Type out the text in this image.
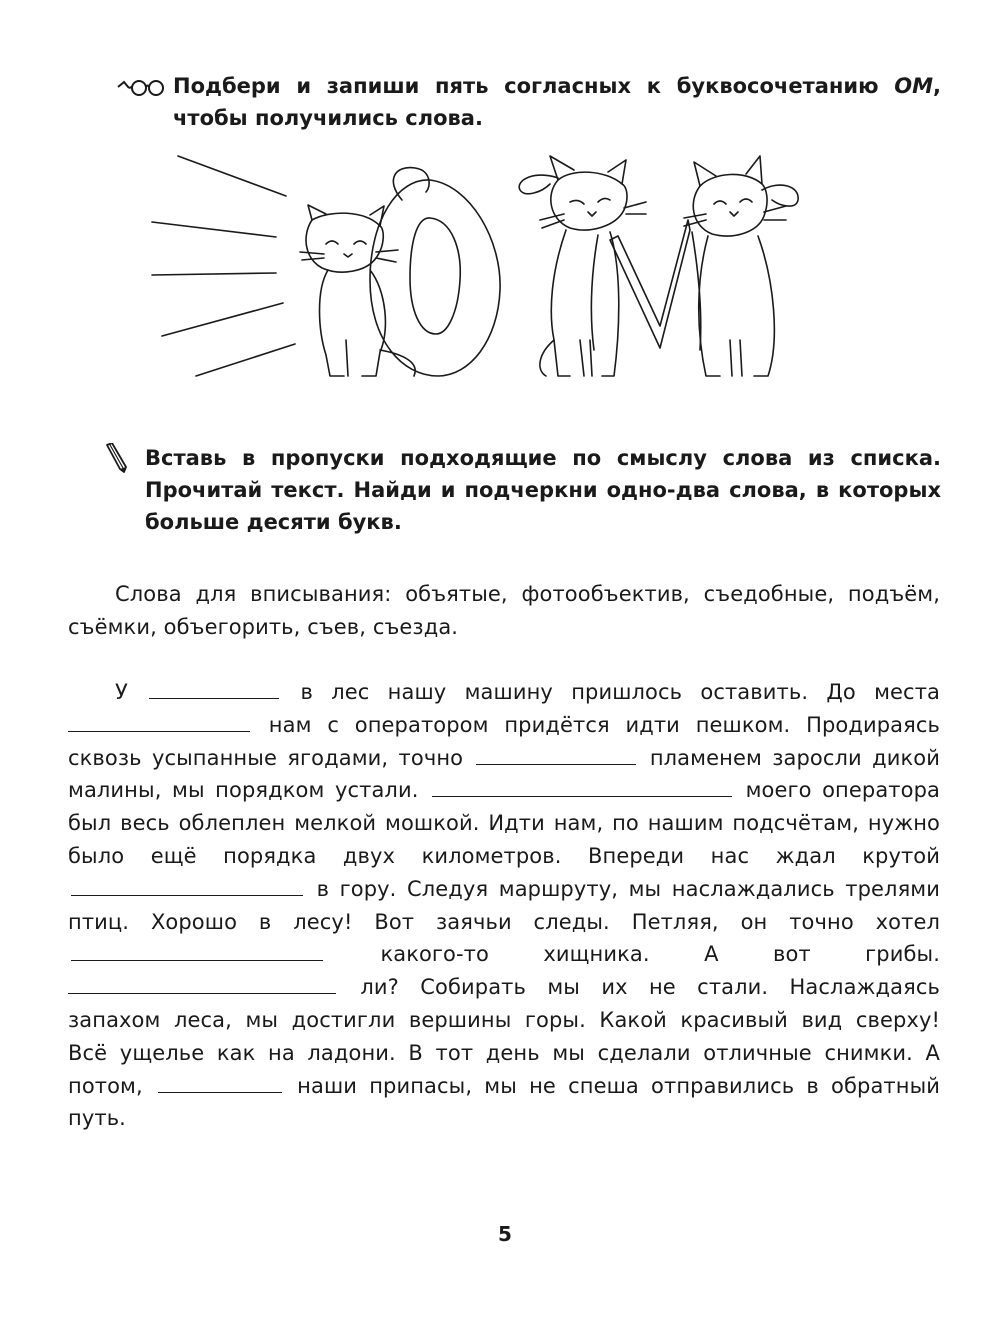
Подбери и запиши пять согласных к буквосочетанию ОМ, чтобы получились слова.
Вставь в пропуски подходящие по смыслу слова из списка. Прочитай текст. Найди и подчеркни одно-два слова, в которых больше десяти букв.
Слова для вписывания: объятые, фотообъектив, съедобные, подъём, съёмки, объегорить, съев, съезда.
У	в лес нашу машину пришлось оставить. До места  нам с оператором придётся идти пешком. Продираясь сквозь усыпанные ягодами, точно	пламенем заросли дикой малины, мы порядком устали.	моего оператора был весь облеплен мелкой мошкой. Идти нам, по нашим подсчётам, нужно было ещё порядка двух километров. Впереди нас ждал крутой  в гору. Следуя маршруту, мы наслаждались трелями птиц. Хорошо в лесу! Вот заячьи следы. Петляя, он точно хотел  какого-то хищника. А вот грибы.  ли? Собирать мы их не стали. Наслаждаясь запахом леса, мы достигли вершины горы. Какой красивый вид сверху! Всё ущелье как на ладони. В тот день мы сделали отличные снимки. А потом,	наши припасы, мы не спеша отправились в обратный путь.
5
